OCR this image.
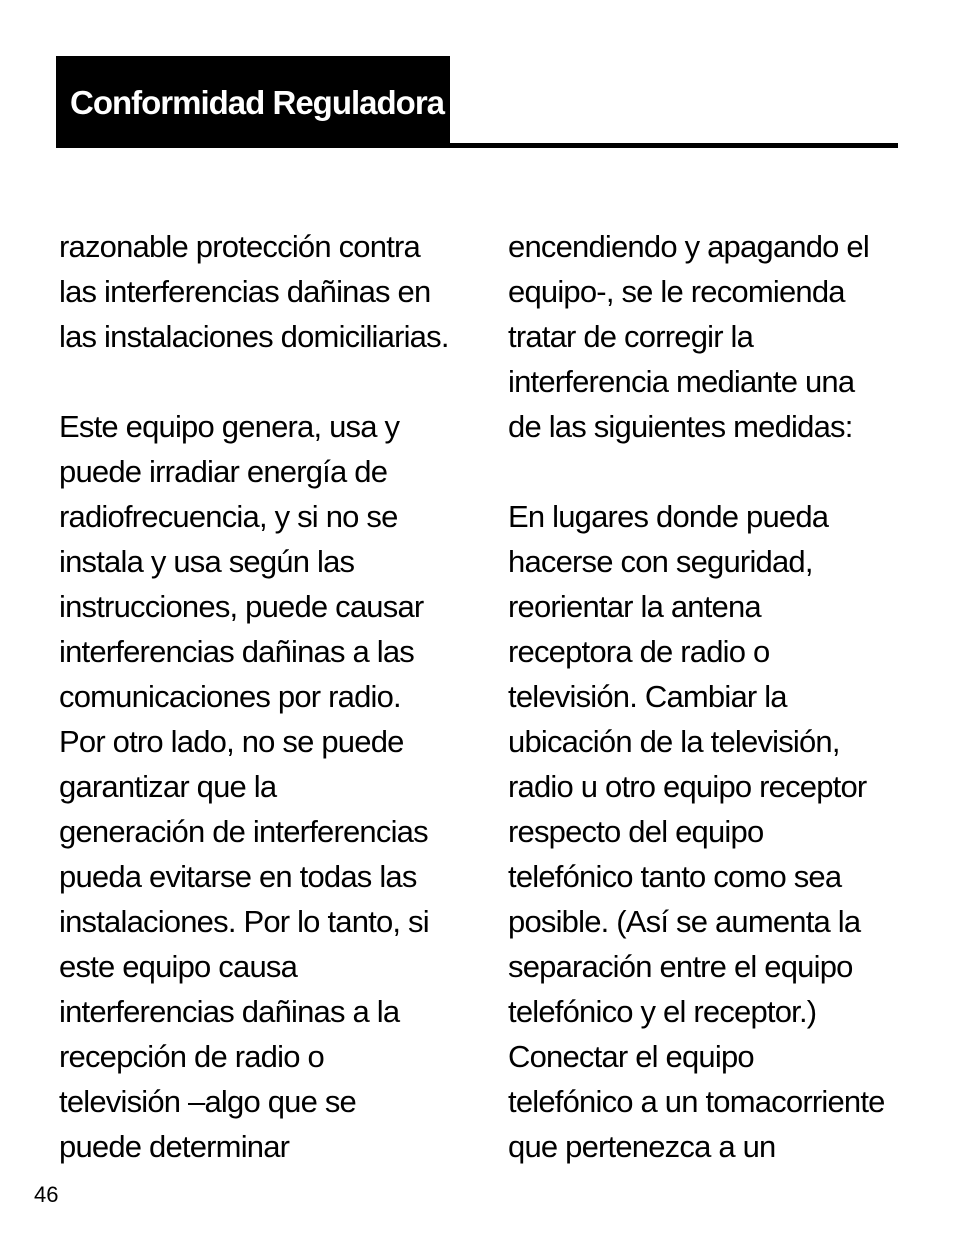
Conformidad Reguladora
razonable protección contra
las interferencias dañinas en
las instalaciones domiciliarias.
Este equipo genera, usa y
puede irradiar energía de
radiofrecuencia, y si no se
instala y usa según las
instrucciones, puede causar
interferencias dañinas a las
comunicaciones por radio.
Por otro lado, no se puede
garantizar que la
generación de interferencias
pueda evitarse en todas las
instalaciones. Por lo tanto, si
este equipo causa
interferencias dañinas a la
recepción de radio o
televisión –algo que se
puede determinar
encendiendo y apagando el
equipo-, se le recomienda
tratar de corregir la
interferencia mediante una
de las siguientes medidas:
En lugares donde pueda
hacerse con seguridad,
reorientar la antena
receptora de radio o
televisión. Cambiar la
ubicación de la televisión,
radio u otro equipo receptor
respecto del equipo
telefónico tanto como sea
posible. (Así se aumenta la
separación entre el equipo
telefónico y el receptor.)
Conectar el equipo
telefónico a un tomacorriente
que pertenezca a un
46
